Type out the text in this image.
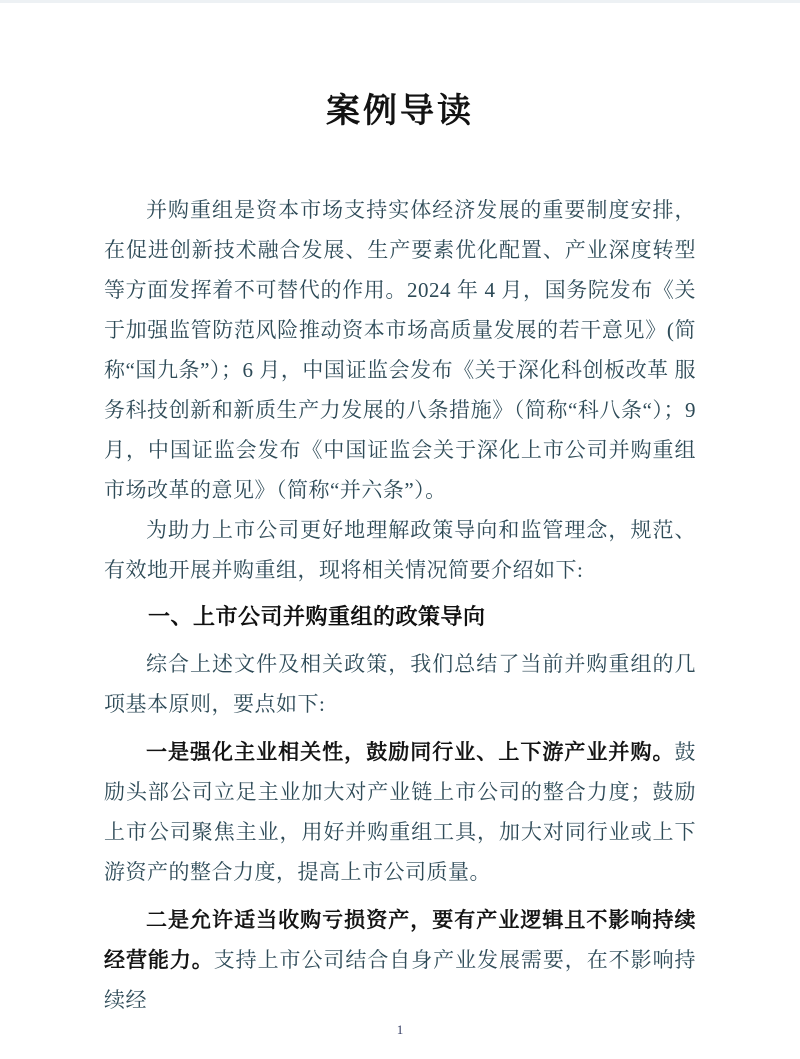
案例导读

并购重组是资本市场支持实体经济发展的重要制度安排，在促进创新技术融合发展、生产要素优化配置、产业深度转型等方面发挥着不可替代的作用。2024 年 4 月，国务院发布《关于加强监管防范风险推动资本市场高质量发展的若干意见》(简称“国九条”）；6 月，中国证监会发布《关于深化科创板改革 服务科技创新和新质生产力发展的八条措施》（简称“科八条“）；9 月，中国证监会发布《中国证监会关于深化上市公司并购重组市场改革的意见》（简称“并六条”）。

为助力上市公司更好地理解政策导向和监管理念，规范、有效地开展并购重组，现将相关情况简要介绍如下:

一、上市公司并购重组的政策导向

综合上述文件及相关政策，我们总结了当前并购重组的几项基本原则，要点如下:

一是强化主业相关性，鼓励同行业、上下游产业并购。鼓励头部公司立足主业加大对产业链上市公司的整合力度；鼓励上市公司聚焦主业，用好并购重组工具，加大对同行业或上下游资产的整合力度，提高上市公司质量。

二是允许适当收购亏损资产，要有产业逻辑且不影响持续经营能力。支持上市公司结合自身产业发展需要，在不影响持续经

1
